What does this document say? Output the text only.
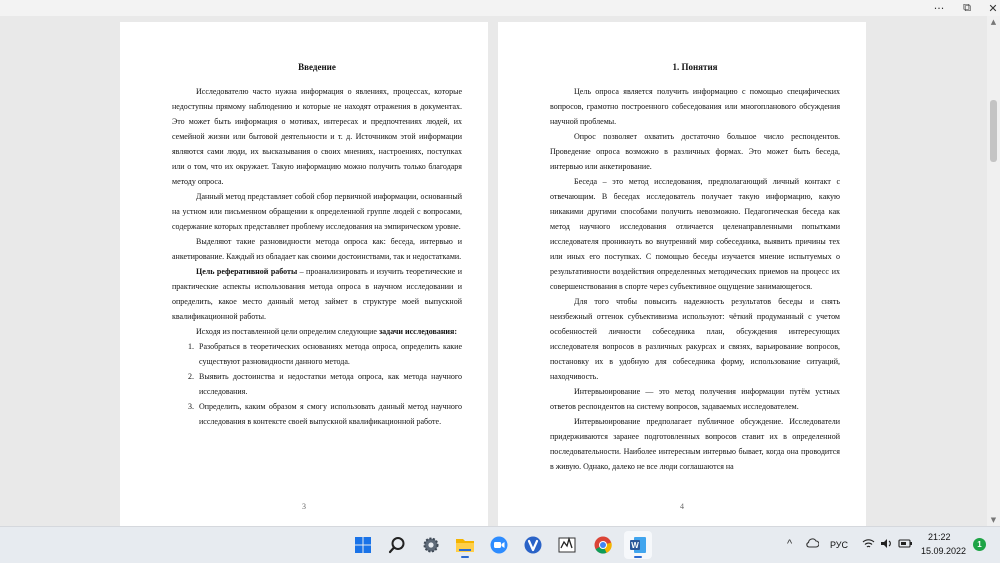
···	⧉	✕
Введение

Исследователю часто нужна информация о явлениях, процессах, которые недоступны прямому наблюдению и которые не находят отражения в документах. Это может быть информация о мотивах, интересах и предпочтениях людей, их семейной жизни или бытовой деятельности и т. д. Источником этой информации являются сами люди, их высказывания о своих мнениях, настроениях, поступках или о том, что их окружает. Такую информацию можно получить только благодаря методу опроса.

Данный метод представляет собой сбор первичной информации, основанный на устном или письменном обращении к определенной группе людей с вопросами, содержание которых представляет проблему исследования на эмпирическом уровне.

Выделяют такие разновидности метода опроса как: беседа, интервью и анкетирование. Каждый из обладает как своими достоинствами, так и недостатками.

Цель реферативной работы – проанализировать и изучить теоретические и практические аспекты использования метода опроса в научном исследовании и определить, какое место данный метод займет в структуре моей выпускной квалификационной работы.

Исходя из поставленной цели определим следующие задачи исследования:

1. Разобраться в теоретических основаниях метода опроса, определить какие существуют разновидности данного метода.
2. Выявить достоинства и недостатки метода опроса, как метода научного исследования.
3. Определить, каким образом я смогу использовать данный метод научного исследования в контексте своей выпускной квалификационной работе.
3
1. Понятия

Цель опроса является получить информацию с помощью специфических вопросов, грамотно построенного собеседования или многопланового обсуждения научной проблемы.

Опрос позволяет охватить достаточно большое число респондентов. Проведение опроса возможно в различных формах. Это может быть беседа, интервью или анкетирование.

Беседа – это метод исследования, предполагающий личный контакт с отвечающим. В беседах исследователь получает такую информацию, какую никакими другими способами получить невозможно. Педагогическая беседа как метод научного исследования отличается целенаправленными попытками исследователя проникнуть во внутренний мир собеседника, выявить причины тех или иных его поступках. С помощью беседы изучается мнение испытуемых о результативности воздействия определенных методических приемов на процесс их совершенствования в спорте через субъективное ощущение занимающегося.

Для того чтобы повысить надежность результатов беседы и снять неизбежный оттенок субъективизма используют: чёткий продуманный с учетом особенностей личности собеседника план, обсуждения интересующих исследователя вопросов в различных ракурсах и связях, варьирование вопросов, постановку их в удобную для собеседника форму, использование ситуаций, находчивость.

Интервьюирование — это метод получения информации путём устных ответов респондентов на систему вопросов, задаваемых исследователем.

Интервьюирование предполагает публичное обсуждение. Исследователи придерживаются заранее подготовленных вопросов ставит их в определенной последовательности. Наиболее интересным интервью бывает, когда она проводится в живую. Однако, далеко не все люди соглашаются на

4
▲
▼
W	^	РУС
21:22
15.09.2022
1
